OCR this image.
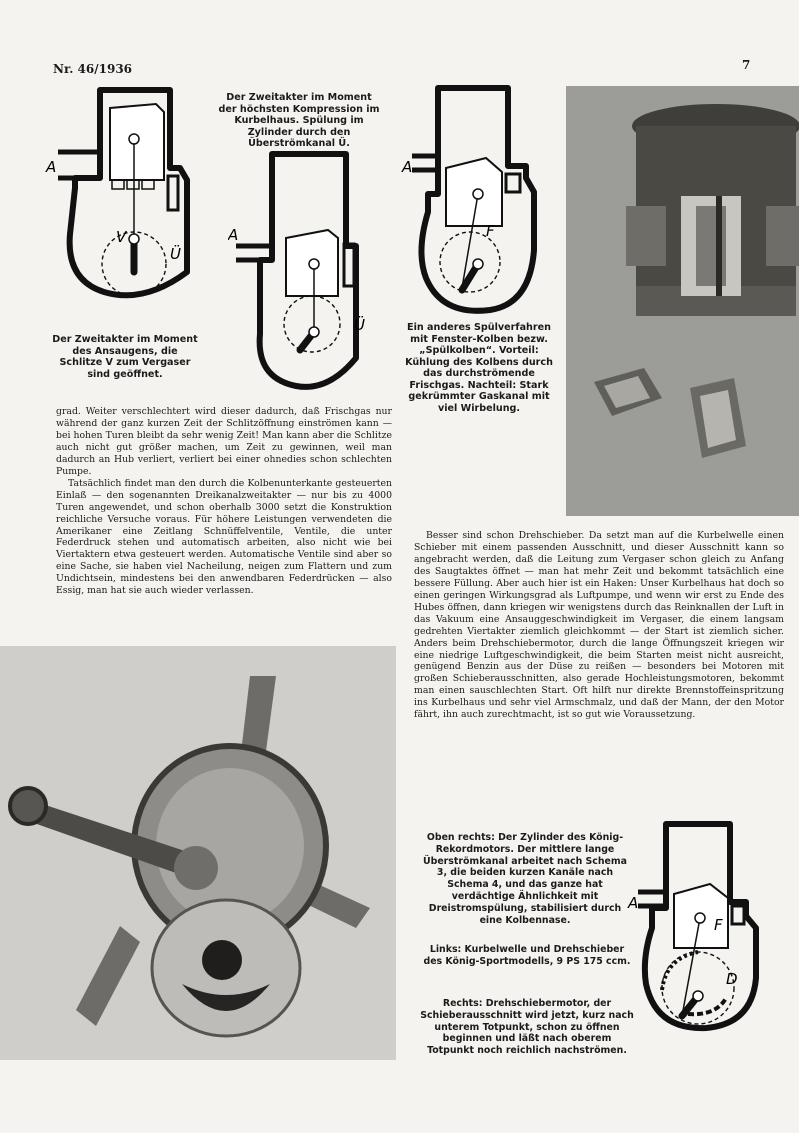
Nr. 46/1936	7
A
V
Ü
Der Zweitakter im Moment des Ansaugens, die Schlitze V zum Vergaser sind geöffnet.
Der Zweitakter im Moment der höchsten Kompression im Kurbelhaus. Spülung im Zylinder durch den Überströmkanal Ü.
A
Ü
A
F
Ein anderes Spülverfahren mit Fenster-Kolben bezw. „Spülkolben“. Vorteil: Kühlung des Kolbens durch das durchströmende Frischgas. Nachteil: Stark gekrümmter Gaskanal mit viel Wirbelung.

grad. Weiter verschlechtert wird dieser dadurch, daß Frischgas nur während der ganz kurzen Zeit der Schlitzöffnung einströmen kann — bei hohen Turen bleibt da sehr wenig Zeit! Man kann aber die Schlitze auch nicht gut größer machen, um Zeit zu gewinnen, weil man dadurch an Hub verliert, verliert bei einer ohnedies schon schlechten Pumpe.

Tatsächlich findet man den durch die Kolbenunterkante gesteuerten Einlaß — den sogenannten Dreikanalzweitakter — nur bis zu 4000 Turen angewendet, und schon oberhalb 3000 setzt die Konstruktion reichliche Versuche voraus. Für höhere Leistungen verwendeten die Amerikaner eine Zeitlang Schnüffelventile, Ventile, die unter Federdruck stehen und automatisch arbeiten, also nicht wie bei Viertaktern etwa gesteuert werden. Automatische Ventile sind aber so eine Sache, sie haben viel Nacheilung, neigen zum Flattern und zum Undichtsein, mindestens bei den anwendbaren Federdrücken — also Essig, man hat sie auch wieder verlassen.

Besser sind schon Drehschieber. Da setzt man auf die Kurbelwelle einen Schieber mit einem passenden Ausschnitt, und dieser Ausschnitt kann so angebracht werden, daß die Leitung zum Vergaser schon gleich zu Anfang des Saugtaktes öffnet — man hat mehr Zeit und bekommt tatsächlich eine bessere Füllung. Aber auch hier ist ein Haken: Unser Kurbelhaus hat doch so einen geringen Wirkungsgrad als Luftpumpe, und wenn wir erst zu Ende des Hubes öffnen, dann kriegen wir wenigstens durch das Reinknallen der Luft in das Vakuum eine Ansauggeschwindigkeit im Vergaser, die einem langsam gedrehten Viertakter ziemlich gleichkommt — der Start ist ziemlich sicher. Anders beim Drehschiebermotor, durch die lange Öffnungszeit kriegen wir eine niedrige Luftgeschwindigkeit, die beim Starten meist nicht ausreicht, genügend Benzin aus der Düse zu reißen — besonders bei Motoren mit großen Schieberausschnitten, also gerade Hochleistungsmotoren, bekommt man einen sauschlechten Start. Oft hilft nur direkte Brennstoffeinspritzung ins Kurbelhaus und sehr viel Armschmalz, und daß der Mann, der den Motor fährt, ihn auch zurechtmacht, ist so gut wie Voraussetzung.

Oben rechts: Der Zylinder des König-Rekordmotors. Der mittlere lange Überströmkanal arbeitet nach Schema 3, die beiden kurzen Kanäle nach Schema 4, und das ganze hat verdächtige Ähnlichkeit mit Dreistromspülung, stabilisiert durch eine Kolbennase.
Links: Kurbelwelle und Drehschieber des König-Sportmodells, 9 PS 175 ccm.
Rechts: Drehschiebermotor, der Schieberausschnitt wird jetzt, kurz nach unterem Totpunkt, schon zu öffnen beginnen und läßt nach oberem Totpunkt noch reichlich nachströmen.
A
F
D
